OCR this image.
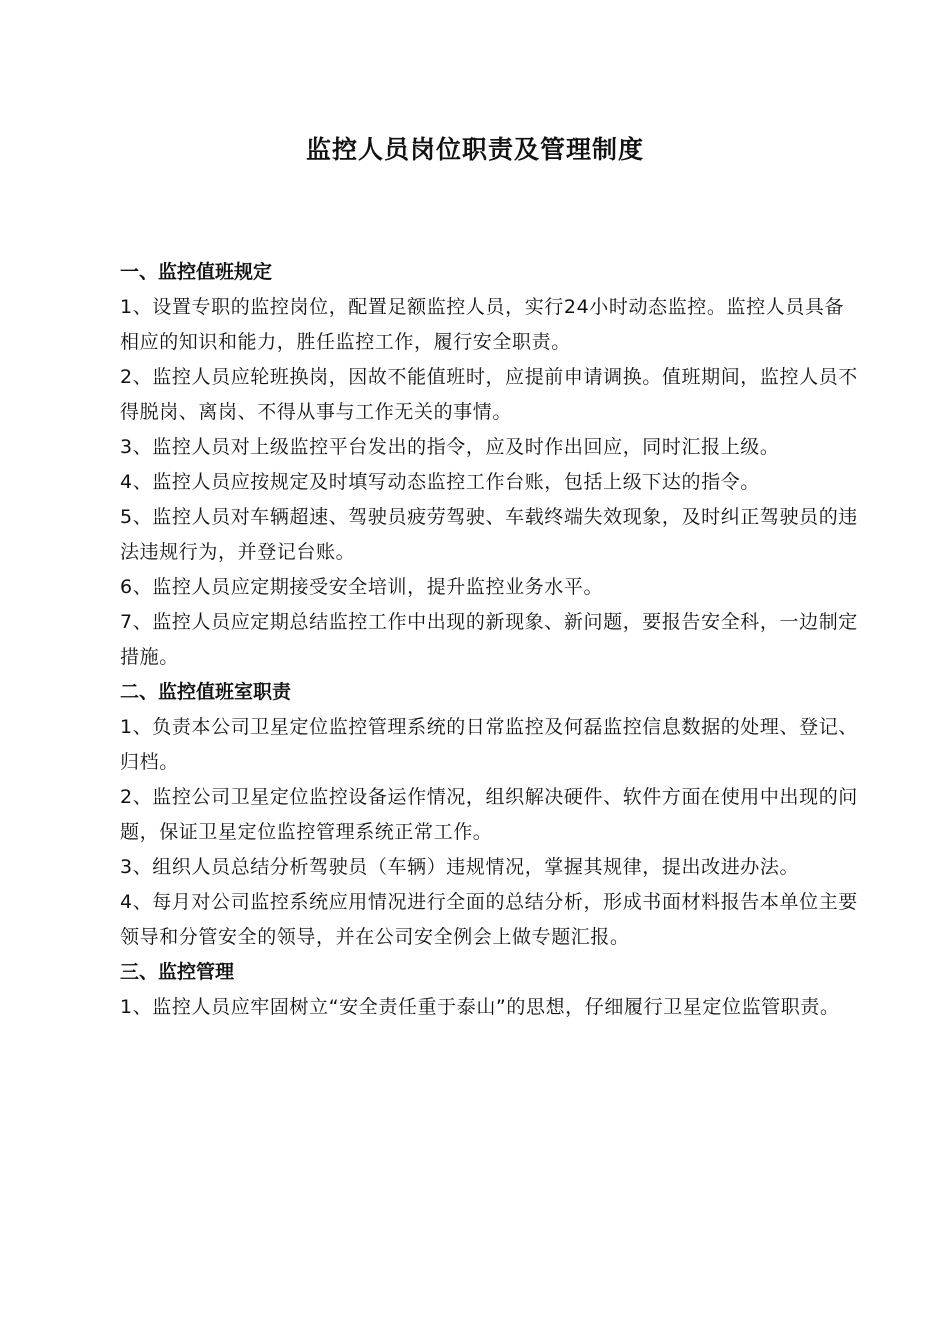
监控人员岗位职责及管理制度
一、监控值班规定

1、设置专职的监控岗位，配置足额监控人员，实行24小时动态监控。监控人员具备相应的知识和能力，胜任监控工作，履行安全职责。

2、监控人员应轮班换岗，因故不能值班时，应提前申请调换。值班期间，监控人员不得脱岗、离岗、不得从事与工作无关的事情。

3、监控人员对上级监控平台发出的指令，应及时作出回应，同时汇报上级。

4、监控人员应按规定及时填写动态监控工作台账，包括上级下达的指令。

5、监控人员对车辆超速、驾驶员疲劳驾驶、车载终端失效现象，及时纠正驾驶员的违法违规行为，并登记台账。

6、监控人员应定期接受安全培训，提升监控业务水平。

7、监控人员应定期总结监控工作中出现的新现象、新问题，要报告安全科，一边制定措施。

二、监控值班室职责

1、负责本公司卫星定位监控管理系统的日常监控及何磊监控信息数据的处理、登记、归档。

2、监控公司卫星定位监控设备运作情况，组织解决硬件、软件方面在使用中出现的问题，保证卫星定位监控管理系统正常工作。

3、组织人员总结分析驾驶员（车辆）违规情况，掌握其规律，提出改进办法。

4、每月对公司监控系统应用情况进行全面的总结分析，形成书面材料报告本单位主要领导和分管安全的领导，并在公司安全例会上做专题汇报。

三、监控管理

1、监控人员应牢固树立“安全责任重于泰山”的思想，仔细履行卫星定位监管职责。
